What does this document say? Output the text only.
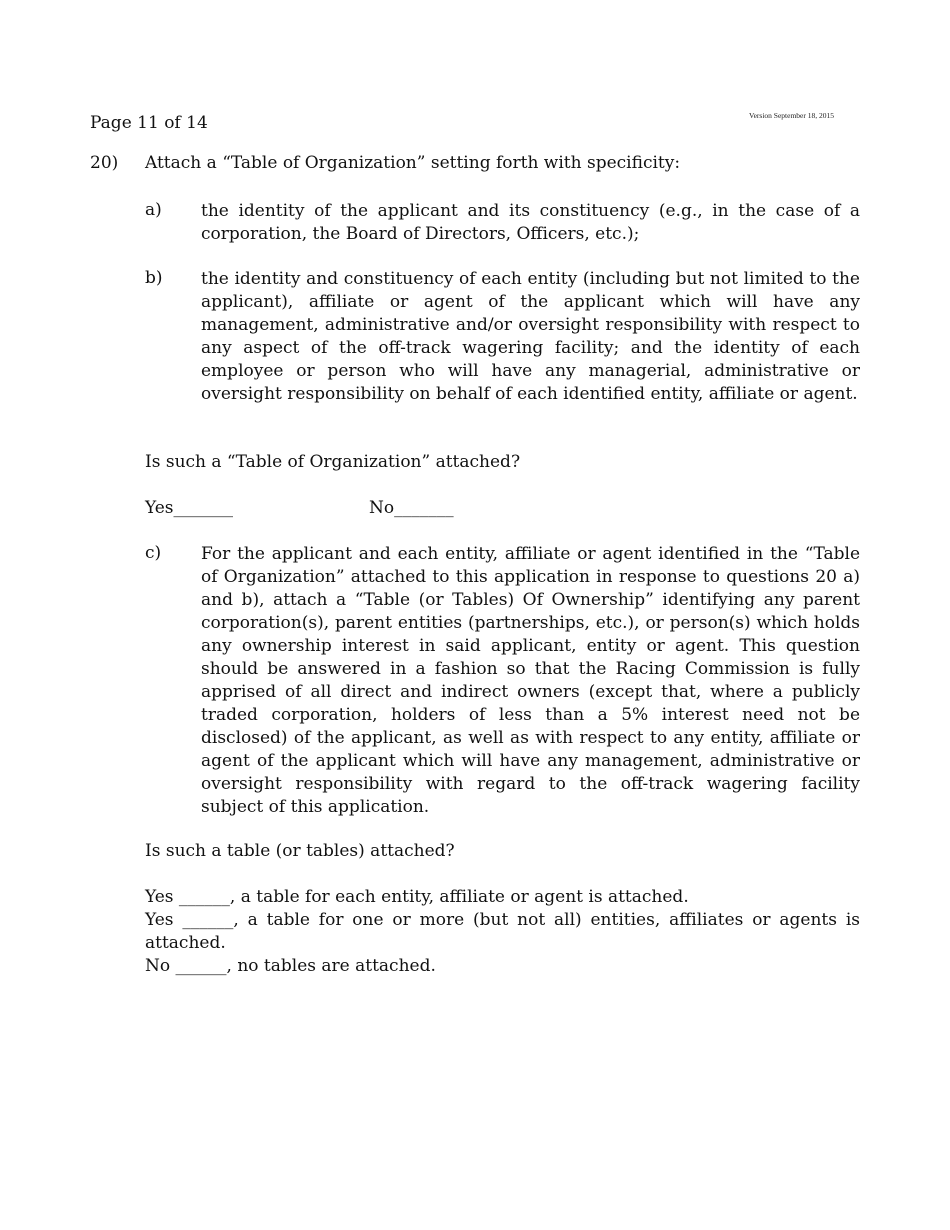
Version September 18, 2015
Page 11 of 14
20) Attach a “Table of Organization” setting forth with specificity:
a) the identity of the applicant and its constituency (e.g., in the case of a corporation, the Board of Directors, Officers, etc.);
b) the identity and constituency of each entity (including but not limited to the applicant), affiliate or agent of the applicant which will have any management, administrative and/or oversight responsibility with respect to any aspect of the off-track wagering facility; and the identity of each employee or person who will have any managerial, administrative or oversight responsibility on behalf of each identified entity, affiliate or agent.
Is such a “Table of Organization” attached?
Yes_______	No_______
c) For the applicant and each entity, affiliate or agent identified in the “Table of Organization” attached to this application in response to questions 20 a) and b), attach a “Table (or Tables) Of Ownership” identifying any parent corporation(s), parent entities (partnerships, etc.), or person(s) which holds any ownership interest in said applicant, entity or agent. This question should be answered in a fashion so that the Racing Commission is fully apprised of all direct and indirect owners (except that, where a publicly traded corporation, holders of less than a 5% interest need not be disclosed) of the applicant, as well as with respect to any entity, affiliate or agent of the applicant which will have any management, administrative or oversight responsibility with regard to the off-track wagering facility subject of this application.
Is such a table (or tables) attached?
Yes ______, a table for each entity, affiliate or agent is attached.
Yes ______, a table for one or more (but not all) entities, affiliates or agents is attached.
No ______, no tables are attached.
